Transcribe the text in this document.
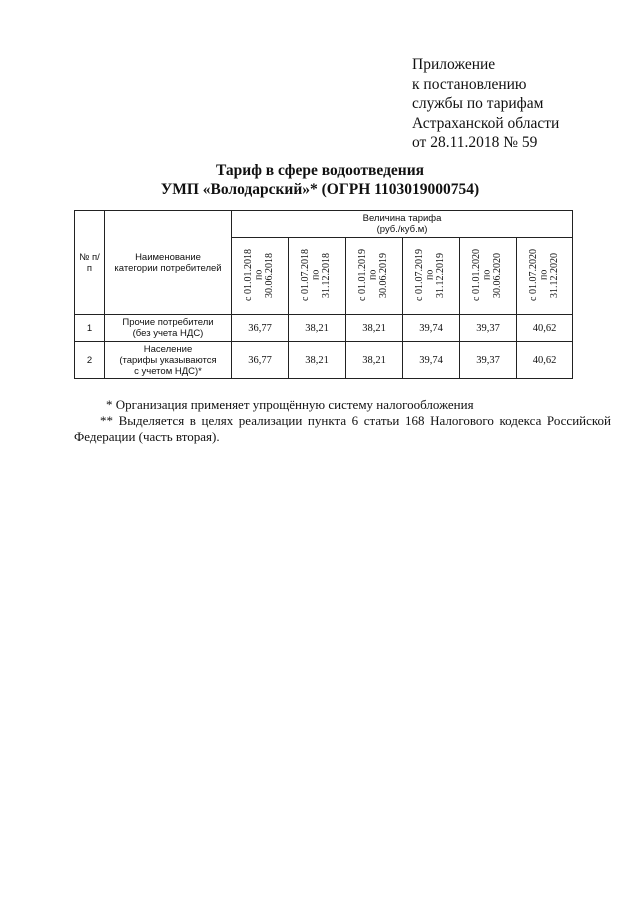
Приложение
к постановлению
службы по тарифам
Астраханской области
от 28.11.2018 № 59
Тариф в сфере водоотведения
УМП «Володарский»* (ОГРН 1103019000754)
№ п/п	Наименование категории потребителей	Величина тарифа
(руб./куб.м)					

		с 01.01.2018
по
30.06.2018	с 01.07.2018
по
31.12.2018	с 01.01.2019
по
30.06.2019	с 01.07.2019
по
31.12.2019	с 01.01.2020
по
30.06.2020	с 01.07.2020
по
31.12.2020
1	Прочие потребители
(без учета НДС)	36,77	38,21	38,21	39,74	39,37	40,62
2	Население
(тарифы указываются
с учетом НДС)*	36,77	38,21	38,21	39,74	39,37	40,62
* Организация применяет упрощённую систему налогообложения
** Выделяется в целях реализации пункта 6 статьи 168 Налогового кодекса Российской Федерации (часть вторая).
